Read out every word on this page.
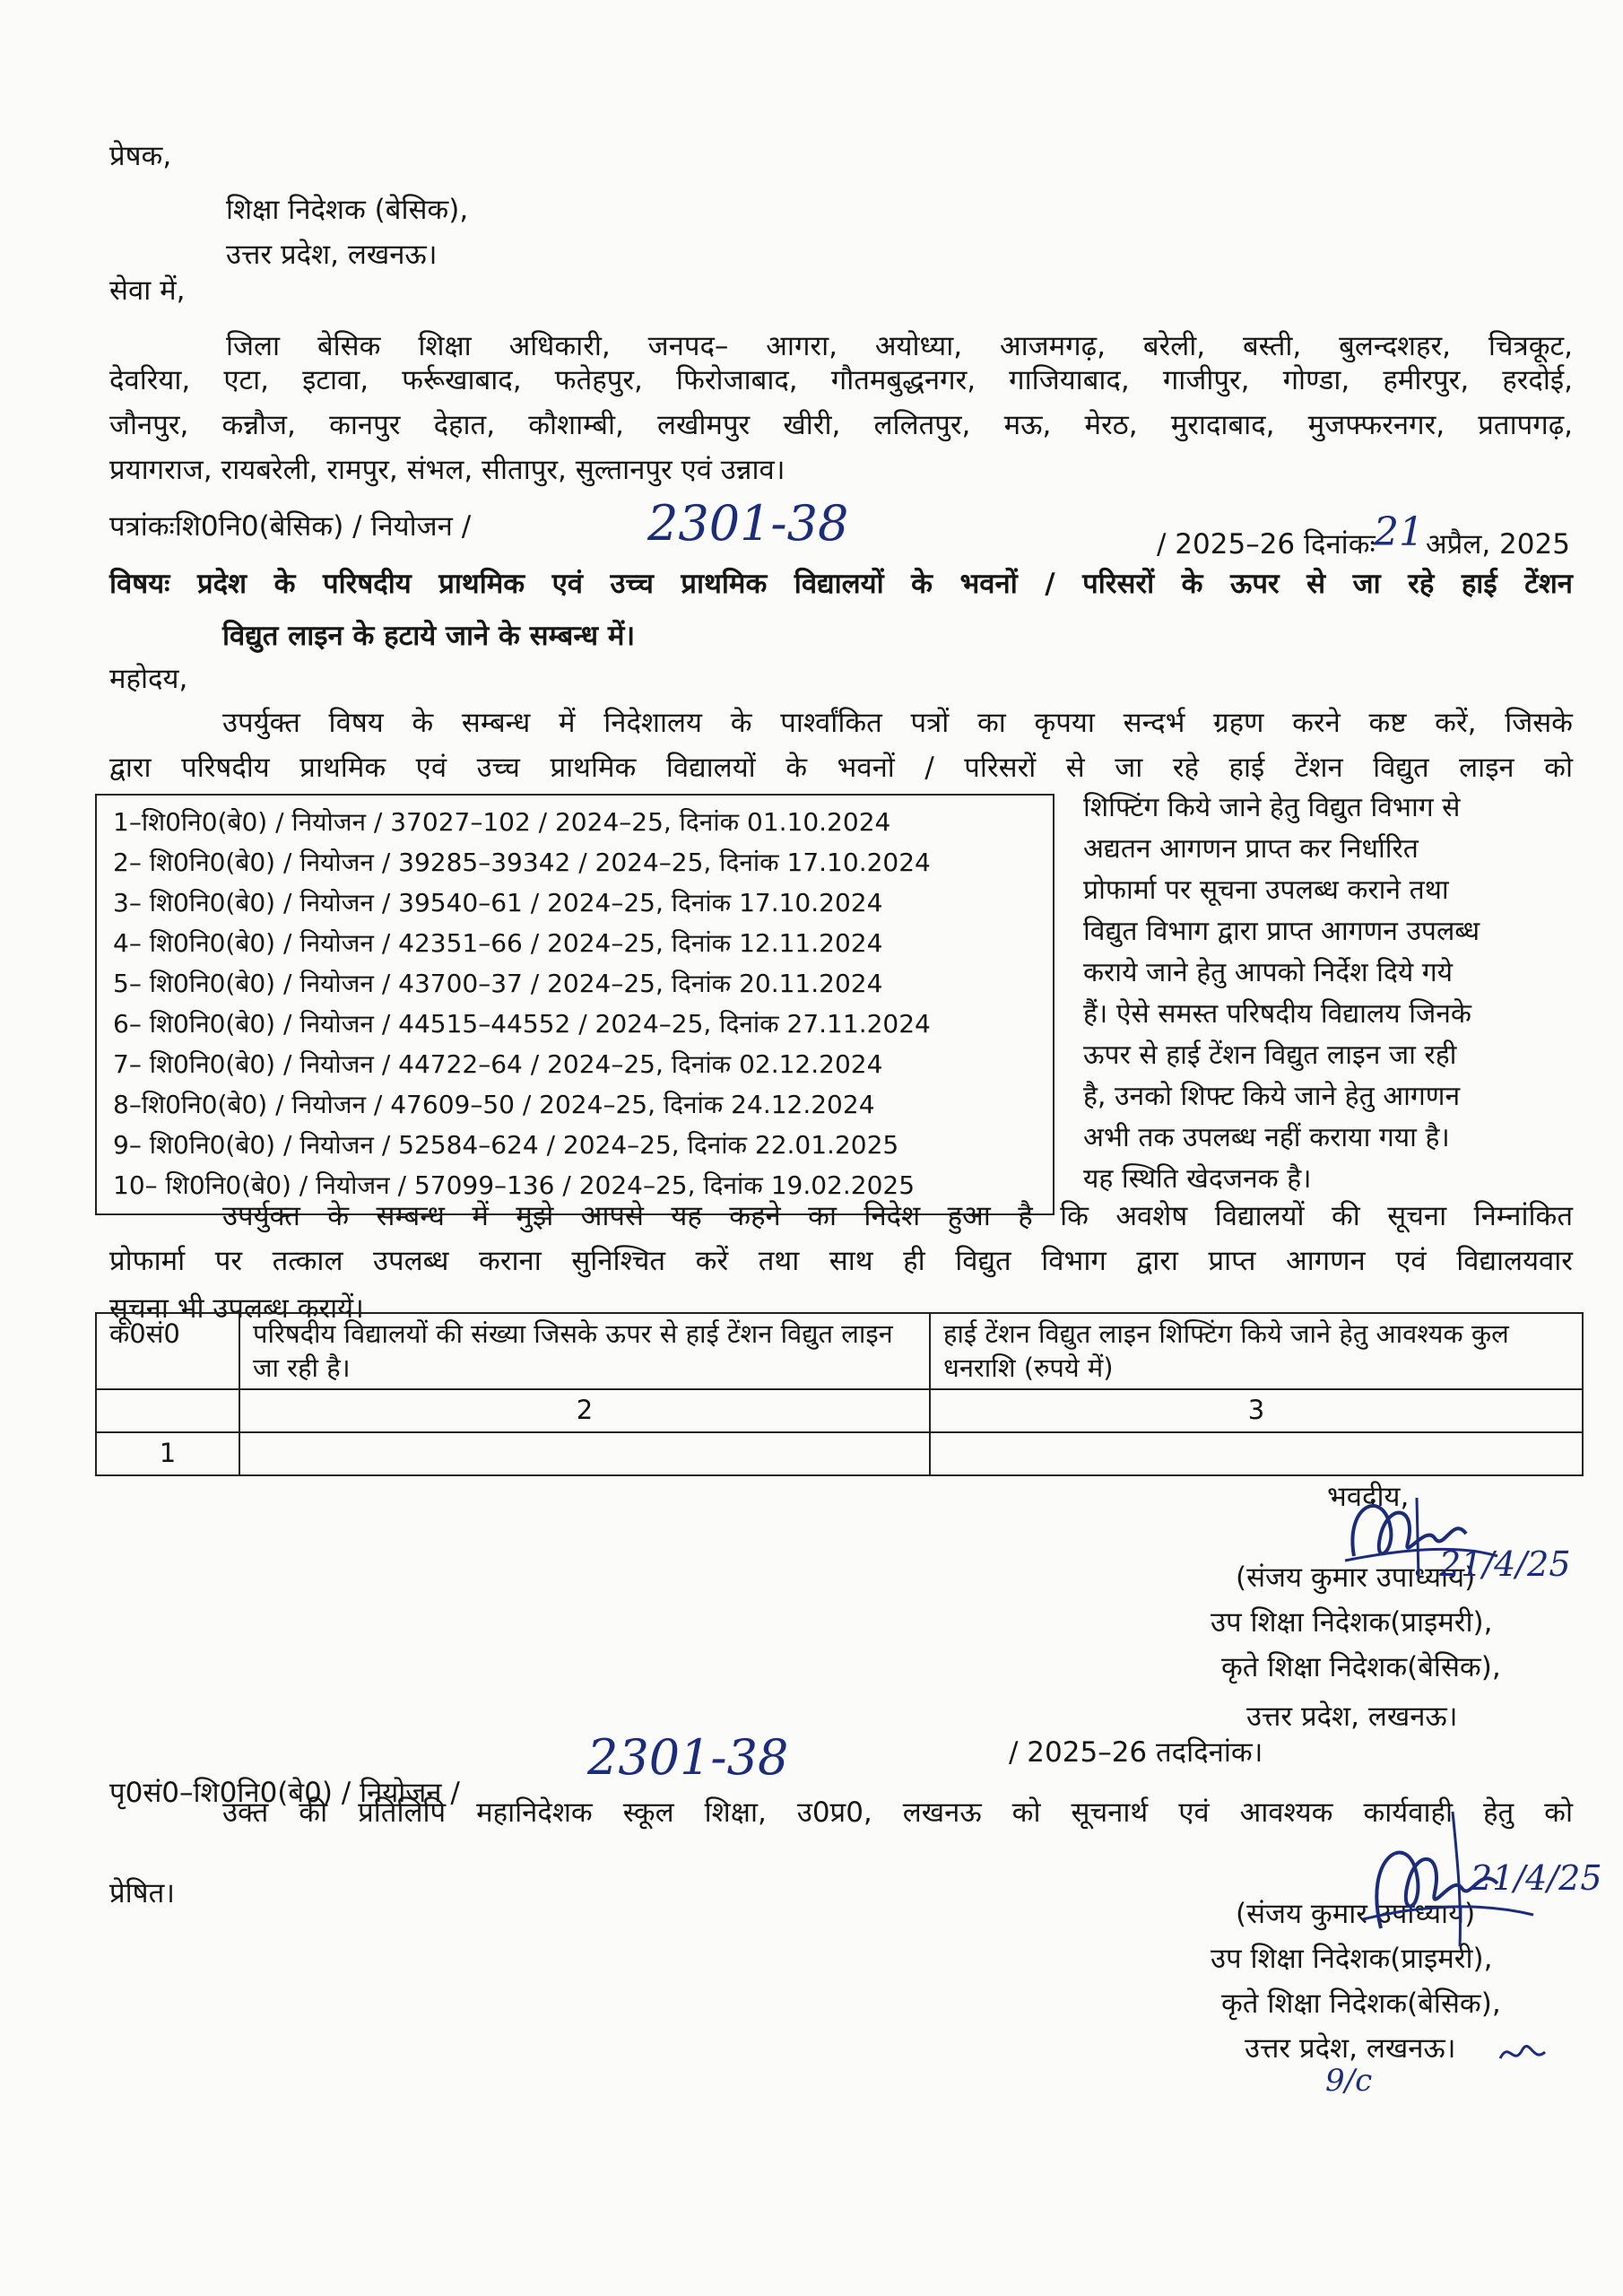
प्रेषक,
शिक्षा निदेशक (बेसिक),
उत्तर प्रदेश, लखनऊ।
सेवा में,
जिला बेसिक शिक्षा अधिकारी, जनपद– आगरा, अयोध्या, आजमगढ़, बरेली, बस्ती, बुलन्दशहर, चित्रकूट,
देवरिया, एटा, इटावा, फर्रूखाबाद, फतेहपुर, फिरोजाबाद, गौतमबुद्धनगर, गाजियाबाद, गाजीपुर, गोण्डा, हमीरपुर, हरदोई,
जौनपुर, कन्नौज, कानपुर देहात, कौशाम्बी, लखीमपुर खीरी, ललितपुर, मऊ, मेरठ, मुरादाबाद, मुजफ्फरनगर, प्रतापगढ़,
प्रयागराज, रायबरेली, रामपुर, संभल, सीतापुर, सुल्तानपुर एवं उन्नाव।
पत्रांकःशि0नि0(बेसिक) / नियोजन /	2301-38	/ 2025–26 दिनांकः
21 अप्रैल, 2025
विषयः प्रदेश के परिषदीय प्राथमिक एवं उच्च प्राथमिक विद्यालयों के भवनों / परिसरों के ऊपर से जा रहे हाई टेंशन
विद्युत लाइन के हटाये जाने के सम्बन्ध में।
महोदय,
उपर्युक्त विषय के सम्बन्ध में निदेशालय के पार्श्वांकित पत्रों का कृपया सन्दर्भ ग्रहण करने कष्ट करें, जिसके
द्वारा परिषदीय प्राथमिक एवं उच्च प्राथमिक विद्यालयों के भवनों / परिसरों से जा रहे हाई टेंशन विद्युत लाइन को
1–शि0नि0(बे0) / नियोजन / 37027–102 / 2024–25, दिनांक 01.10.2024
2– शि0नि0(बे0) / नियोजन / 39285–39342 / 2024–25, दिनांक 17.10.2024
3– शि0नि0(बे0) / नियोजन / 39540–61 / 2024–25, दिनांक 17.10.2024
4– शि0नि0(बे0) / नियोजन / 42351–66 / 2024–25, दिनांक 12.11.2024
5– शि0नि0(बे0) / नियोजन / 43700–37 / 2024–25, दिनांक 20.11.2024
6– शि0नि0(बे0) / नियोजन / 44515–44552 / 2024–25, दिनांक 27.11.2024
7– शि0नि0(बे0) / नियोजन / 44722–64 / 2024–25, दिनांक 02.12.2024
8–शि0नि0(बे0) / नियोजन / 47609–50 / 2024–25, दिनांक 24.12.2024
9– शि0नि0(बे0) / नियोजन / 52584–624 / 2024–25, दिनांक 22.01.2025
10– शि0नि0(बे0) / नियोजन / 57099–136 / 2024–25, दिनांक 19.02.2025
शिफ्टिंग किये जाने हेतु विद्युत विभाग से
अद्यतन आगणन प्राप्त कर निर्धारित
प्रोफार्मा पर सूचना उपलब्ध कराने तथा
विद्युत विभाग द्वारा प्राप्त आगणन उपलब्ध
कराये जाने हेतु आपको निर्देश दिये गये
हैं। ऐसे समस्त परिषदीय विद्यालय जिनके
ऊपर से हाई टेंशन विद्युत लाइन जा रही
है, उनको शिफ्ट किये जाने हेतु आगणन
अभी तक उपलब्ध नहीं कराया गया है।
यह स्थिति खेदजनक है।
उपर्युक्त के सम्बन्ध में मुझे आपसे यह कहने का निदेश हुआ है कि अवशेष विद्यालयों की सूचना निम्नांकित
प्रोफार्मा पर तत्काल उपलब्ध कराना सुनिश्चित करें तथा साथ ही विद्युत विभाग द्वारा प्राप्त आगणन एवं विद्यालयवार
सूचना भी उपलब्ध करायें।
क0सं0	परिषदीय विद्यालयों की संख्या जिसके ऊपर से हाई टेंशन विद्युत लाइन जा रही है।	हाई टेंशन विद्युत लाइन शिफ्टिंग किये जाने हेतु आवश्यक कुल धनराशि (रुपये में)
	2	3
1		
भवदीय,
(संजय कुमार उपाध्याय)
उप शिक्षा निदेशक(प्राइमरी),
कृते शिक्षा निदेशक(बेसिक),
उत्तर प्रदेश, लखनऊ।
21/4/25
पृ0सं0–शि0नि0(बे0) / नियोजन /
2301-38	/ 2025–26 तददिनांक।
उक्त की प्रतिलिपि महानिदेशक स्कूल शिक्षा, उ0प्र0, लखनऊ को सूचनार्थ एवं आवश्यक कार्यवाही हेतु को
प्रेषित।
(संजय कुमार उपाध्याय)
उप शिक्षा निदेशक(प्राइमरी),
कृते शिक्षा निदेशक(बेसिक),
उत्तर प्रदेश, लखनऊ।
21/4/25
9/c
